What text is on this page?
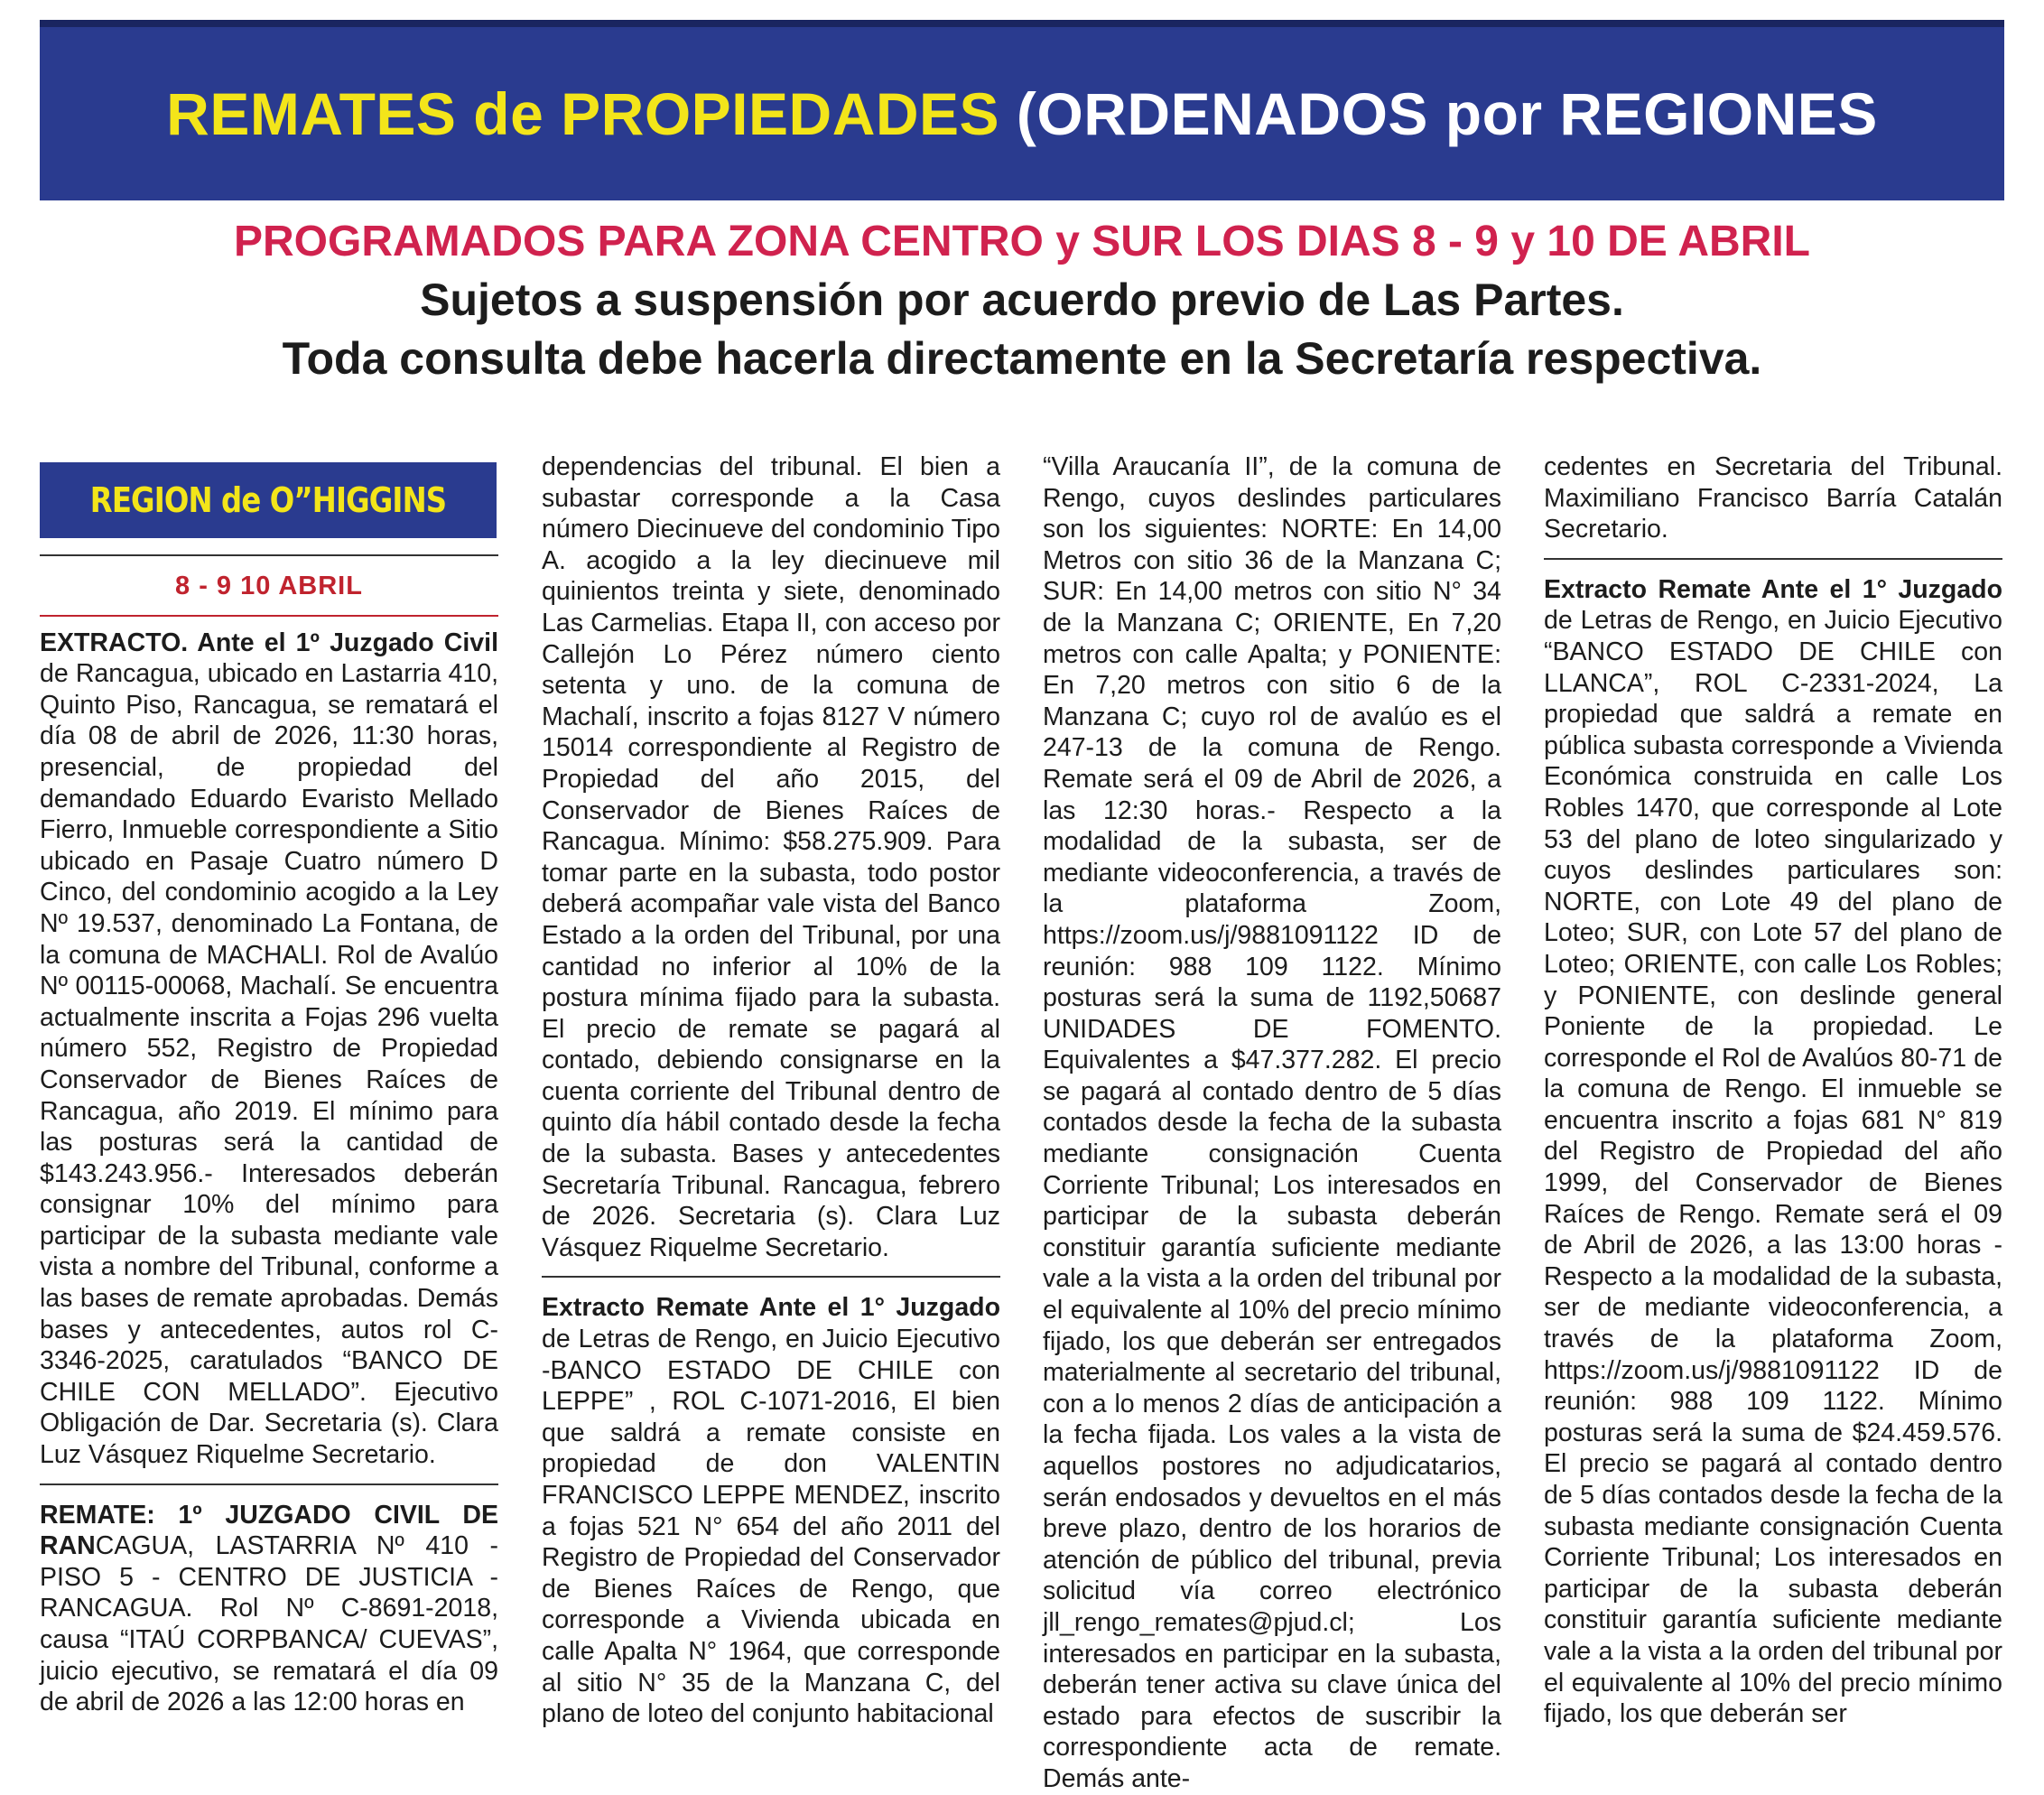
REMATES de PROPIEDADES (ORDENADOS por REGIONES
PROGRAMADOS PARA ZONA CENTRO y SUR LOS DIAS 8 - 9 y 10 DE ABRIL
Sujetos a suspensión por acuerdo previo de Las Partes.
Toda consulta debe hacerla directamente en la Secretaría respectiva.
REGION de O”HIGGINS
8 - 9 10 ABRIL

EXTRACTO. Ante el 1º Juzgado Civil de Rancagua, ubicado en Lastarria 410, Quinto Piso, Rancagua, se rematará el día 08 de abril de 2026, 11:30 horas, presencial, de propiedad del demandado Eduardo Evaristo Mellado Fierro, Inmueble correspondiente a Sitio ubicado en Pasaje Cuatro número D Cinco, del condominio acogido a la Ley Nº 19.537, denominado La Fontana, de la comuna de MACHALI. Rol de Avalúo Nº 00115-00068, Machalí. Se encuentra actualmente inscrita a Fojas 296 vuelta número 552, Registro de Propiedad Conservador de Bienes Raíces de Rancagua, año 2019. El mínimo para las posturas será la cantidad de $143.243.956.- Interesados deberán consignar 10% del mínimo para participar de la subasta mediante vale vista a nombre del Tribunal, conforme a las bases de remate aprobadas. Demás bases y antecedentes, autos rol C-3346-2025, caratulados “BANCO DE CHILE CON MELLADO”. Ejecutivo Obligación de Dar. Secretaria (s). Clara Luz Vásquez Riquelme Secretario.

REMATE: 1º JUZGADO CIVIL DE RANCAGUA, LASTARRIA Nº 410 - PISO 5 - CENTRO DE JUSTICIA -RANCAGUA. Rol Nº C-8691-2018, causa “ITAÚ CORPBANCA/ CUEVAS”, juicio ejecutivo, se rematará el día 09 de abril de 2026 a las 12:00 horas en

dependencias del tribunal. El bien a subastar corresponde a la Casa número Diecinueve del condominio Tipo A. acogido a la ley diecinueve mil quinientos treinta y siete, denominado Las Carmelias. Etapa II, con acceso por Callejón Lo Pérez número ciento setenta y uno. de la comuna de Machalí, inscrito a fojas 8127 V número 15014 correspondiente al Registro de Propiedad del año 2015, del Conservador de Bienes Raíces de Rancagua. Mínimo: $58.275.909. Para tomar parte en la subasta, todo postor deberá acompañar vale vista del Banco Estado a la orden del Tribunal, por una cantidad no inferior al 10% de la postura mínima fijado para la subasta. El precio de remate se pagará al contado, debiendo consignarse en la cuenta corriente del Tribunal dentro de quinto día hábil contado desde la fecha de la subasta. Bases y antecedentes Secretaría Tribunal. Rancagua, febrero de 2026. Secretaria (s). Clara Luz Vásquez Riquelme Secretario.

Extracto Remate Ante el 1° Juzgado de Letras de Rengo, en Juicio Ejecutivo -BANCO ESTADO DE CHILE con LEPPE” , ROL C-1071-2016, El bien que saldrá a remate consiste en propiedad de don VALENTIN FRANCISCO LEPPE MENDEZ, inscrito a fojas 521 N° 654 del año 2011 del Registro de Propiedad del Conservador de Bienes Raíces de Rengo, que corresponde a Vivienda ubicada en calle Apalta N° 1964, que corresponde al sitio N° 35 de la Manzana C, del plano de loteo del conjunto habitacional

“Villa Araucanía II”, de la comuna de Rengo, cuyos deslindes particulares son los siguientes: NORTE: En 14,00 Metros con sitio 36 de la Manzana C; SUR: En 14,00 metros con sitio N° 34 de la Manzana C; ORIENTE, En 7,20 metros con calle Apalta; y PONIENTE: En 7,20 metros con sitio 6 de la Manzana C; cuyo rol de avalúo es el 247-13 de la comuna de Rengo. Remate será el 09 de Abril de 2026, a las 12:30 horas.- Respecto a la modalidad de la subasta, ser de mediante videoconferencia, a través de la plataforma Zoom, https://zoom.us/j/9881091122 ID de reunión: 988 109 1122. Mínimo posturas será la suma de 1192,50687 UNIDADES DE FOMENTO. Equivalentes a $47.377.282. El precio se pagará al contado dentro de 5 días contados desde la fecha de la subasta mediante consignación Cuenta Corriente Tribunal; Los interesados en participar de la subasta deberán constituir garantía suficiente mediante vale a la vista a la orden del tribunal por el equivalente al 10% del precio mínimo fijado, los que deberán ser entregados materialmente al secretario del tribunal, con a lo menos 2 días de anticipación a la fecha fijada. Los vales a la vista de aquellos postores no adjudicatarios, serán endosados y devueltos en el más breve plazo, dentro de los horarios de atención de público del tribunal, previa solicitud vía correo electrónico jll_rengo_remates@pjud.cl; Los interesados en participar en la subasta, deberán tener activa su clave única del estado para efectos de suscribir la correspondiente acta de remate. Demás ante-

cedentes en Secretaria del Tribunal. Maximiliano Francisco Barría Catalán Secretario.

Extracto Remate Ante el 1° Juzgado de Letras de Rengo, en Juicio Ejecutivo “BANCO ESTADO DE CHILE con LLANCA”, ROL C-2331-2024, La propiedad que saldrá a remate en pública subasta corresponde a Vivienda Económica construida en calle Los Robles 1470, que corresponde al Lote 53 del plano de loteo singularizado y cuyos deslindes particulares son: NORTE, con Lote 49 del plano de Loteo; SUR, con Lote 57 del plano de Loteo; ORIENTE, con calle Los Robles; y PONIENTE, con deslinde general Poniente de la propiedad. Le corresponde el Rol de Avalúos 80-71 de la comuna de Rengo. El inmueble se encuentra inscrito a fojas 681 N° 819 del Registro de Propiedad del año 1999, del Conservador de Bienes Raíces de Rengo. Remate será el 09 de Abril de 2026, a las 13:00 horas - Respecto a la modalidad de la subasta, ser de mediante videoconferencia, a través de la plataforma Zoom, https://zoom.us/j/9881091122 ID de reunión: 988 109 1122. Mínimo posturas será la suma de $24.459.576. El precio se pagará al contado dentro de 5 días contados desde la fecha de la subasta mediante consignación Cuenta Corriente Tribunal; Los interesados en participar de la subasta deberán constituir garantía suficiente mediante vale a la vista a la orden del tribunal por el equivalente al 10% del precio mínimo fijado, los que deberán ser
